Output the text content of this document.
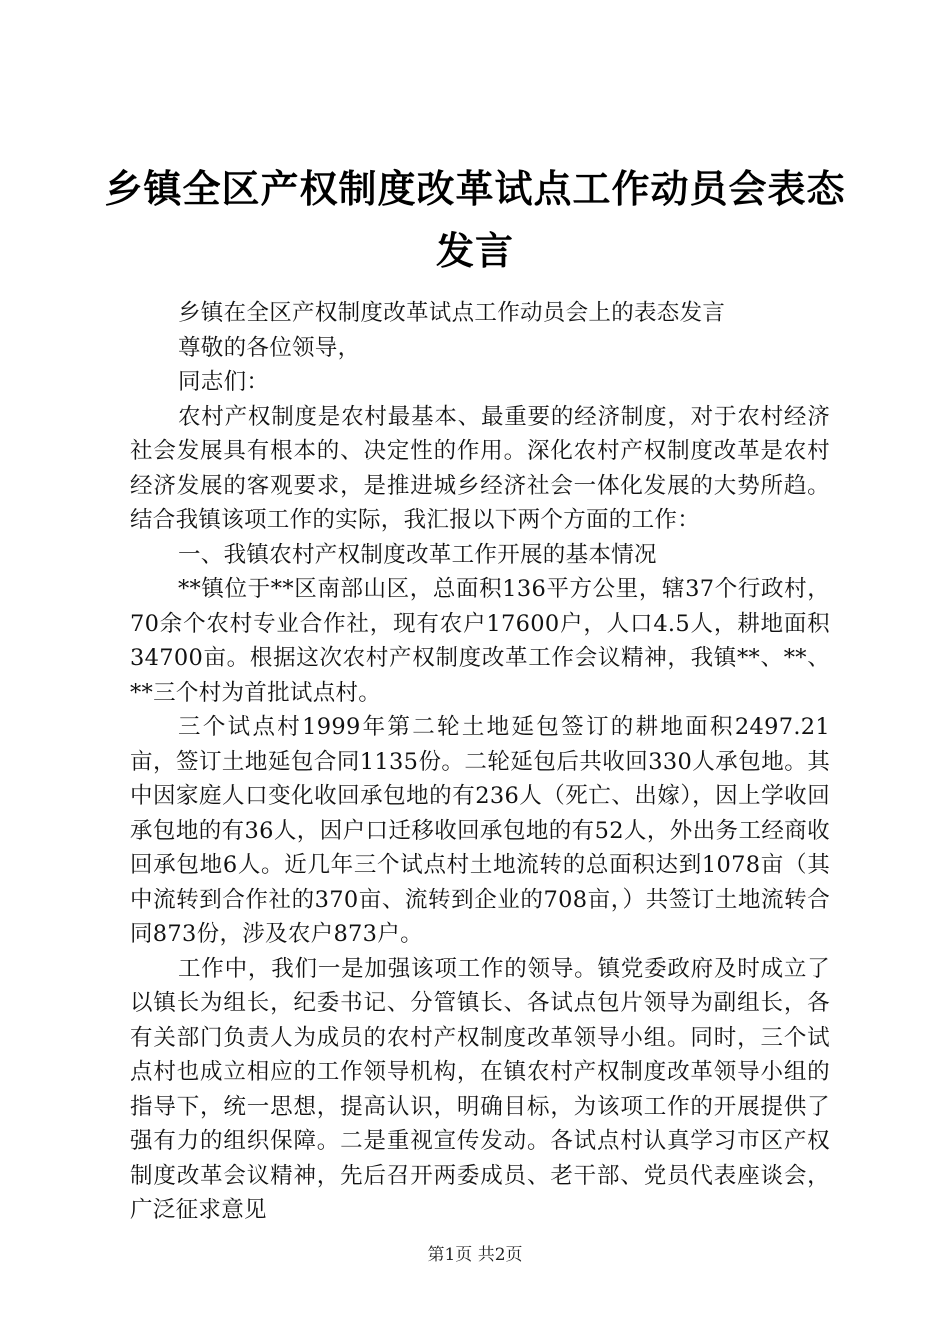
乡镇全区产权制度改革试点工作动员会表态发言

乡镇在全区产权制度改革试点工作动员会上的表态发言

尊敬的各位领导，

同志们：

农村产权制度是农村最基本、最重要的经济制度，对于农村经济社会发展具有根本的、决定性的作用。深化农村产权制度改革是农村经济发展的客观要求，是推进城乡经济社会一体化发展的大势所趋。结合我镇该项工作的实际，我汇报以下两个方面的工作：

一、我镇农村产权制度改革工作开展的基本情况

**镇位于**区南部山区，总面积136平方公里，辖37个行政村，70余个农村专业合作社，现有农户17600户，人口4.5人，耕地面积34700亩。根据这次农村产权制度改革工作会议精神，我镇**、**、**三个村为首批试点村。

三个试点村1999年第二轮土地延包签订的耕地面积2497.21亩，签订土地延包合同1135份。二轮延包后共收回330人承包地。其中因家庭人口变化收回承包地的有236人（死亡、出嫁），因上学收回承包地的有36人，因户口迁移收回承包地的有52人，外出务工经商收回承包地6人。近几年三个试点村土地流转的总面积达到1078亩（其中流转到合作社的370亩、流转到企业的708亩，）共签订土地流转合同873份，涉及农户873户。

工作中，我们一是加强该项工作的领导。镇党委政府及时成立了以镇长为组长，纪委书记、分管镇长、各试点包片领导为副组长，各有关部门负责人为成员的农村产权制度改革领导小组。同时，三个试点村也成立相应的工作领导机构，在镇农村产权制度改革领导小组的指导下，统一思想，提高认识，明确目标，为该项工作的开展提供了强有力的组织保障。二是重视宣传发动。各试点村认真学习市区产权制度改革会议精神，先后召开两委成员、老干部、党员代表座谈会，广泛征求意见

第1页 共2页
